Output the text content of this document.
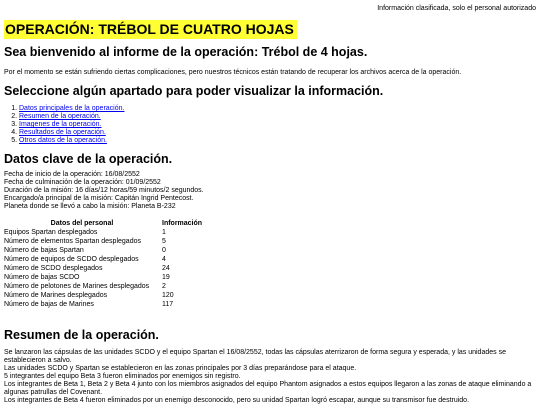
Información clasificada, solo el personal autorizado
OPERACIÓN: TRÉBOL DE CUATRO HOJAS
Sea bienvenido al informe de la operación: Trébol de 4 hojas.

Por el momento se están sufriendo ciertas complicaciones, pero nuestros técnicos están tratando de recuperar los archivos acerca de la operación.

Seleccione algún apartado para poder visualizar la información.
1. Datos principales de la operación.
2. Resumen de la operación.
3. Imagenes de la operación.
4. Resultados de la operación.
5. Otros datos de la operación.
Datos clave de la operación.
Fecha de inicio de la operación: 16/08/2552
Fecha de culminación de la operación: 01/09/2552
Duración de la misión: 16 días/12 horas/59 minutos/2 segundos.
Encargado/a principal de la misión: Capitán Ingrid Pentecost.
Planeta donde se llevó a cabo la misión: Planeta B-232
Datos del personal	Información
Equipos Spartan desplegados	1
Número de elementos Spartan desplegados	5
Número de bajas Spartan	0
Número de equipos de SCDO desplegados	4
Número de SCDO desplegados	24
Número de bajas SCDO	19
Número de pelotones de Marines desplegados	2
Número de Marines desplegados	120
Número de bajas de Marines	117
Resumen de la operación.
Se lanzaron las cápsulas de las unidades SCDO y el equipo Spartan el 16/08/2552, todas las cápsulas aterrizaron de forma segura y esperada, y las unidades se establecieron a salvo.
Las unidades SCDO y Spartan se establecieron en las zonas principales por 3 días preparándose para el ataque.
5 integrantes del equipo Beta 3 fueron eliminados por enemigos sin registro.
Los integrantes de Beta 1, Beta 2 y Beta 4 junto con los miembros asignados del equipo Phantom asignados a estos equipos llegaron a las zonas de ataque eliminando a algunas patrullas del Covenant.
Los integrantes de Beta 4 fueron eliminados por un enemigo desconocido, pero su unidad Spartan logró escapar, aunque su transmisor fue destruido.
